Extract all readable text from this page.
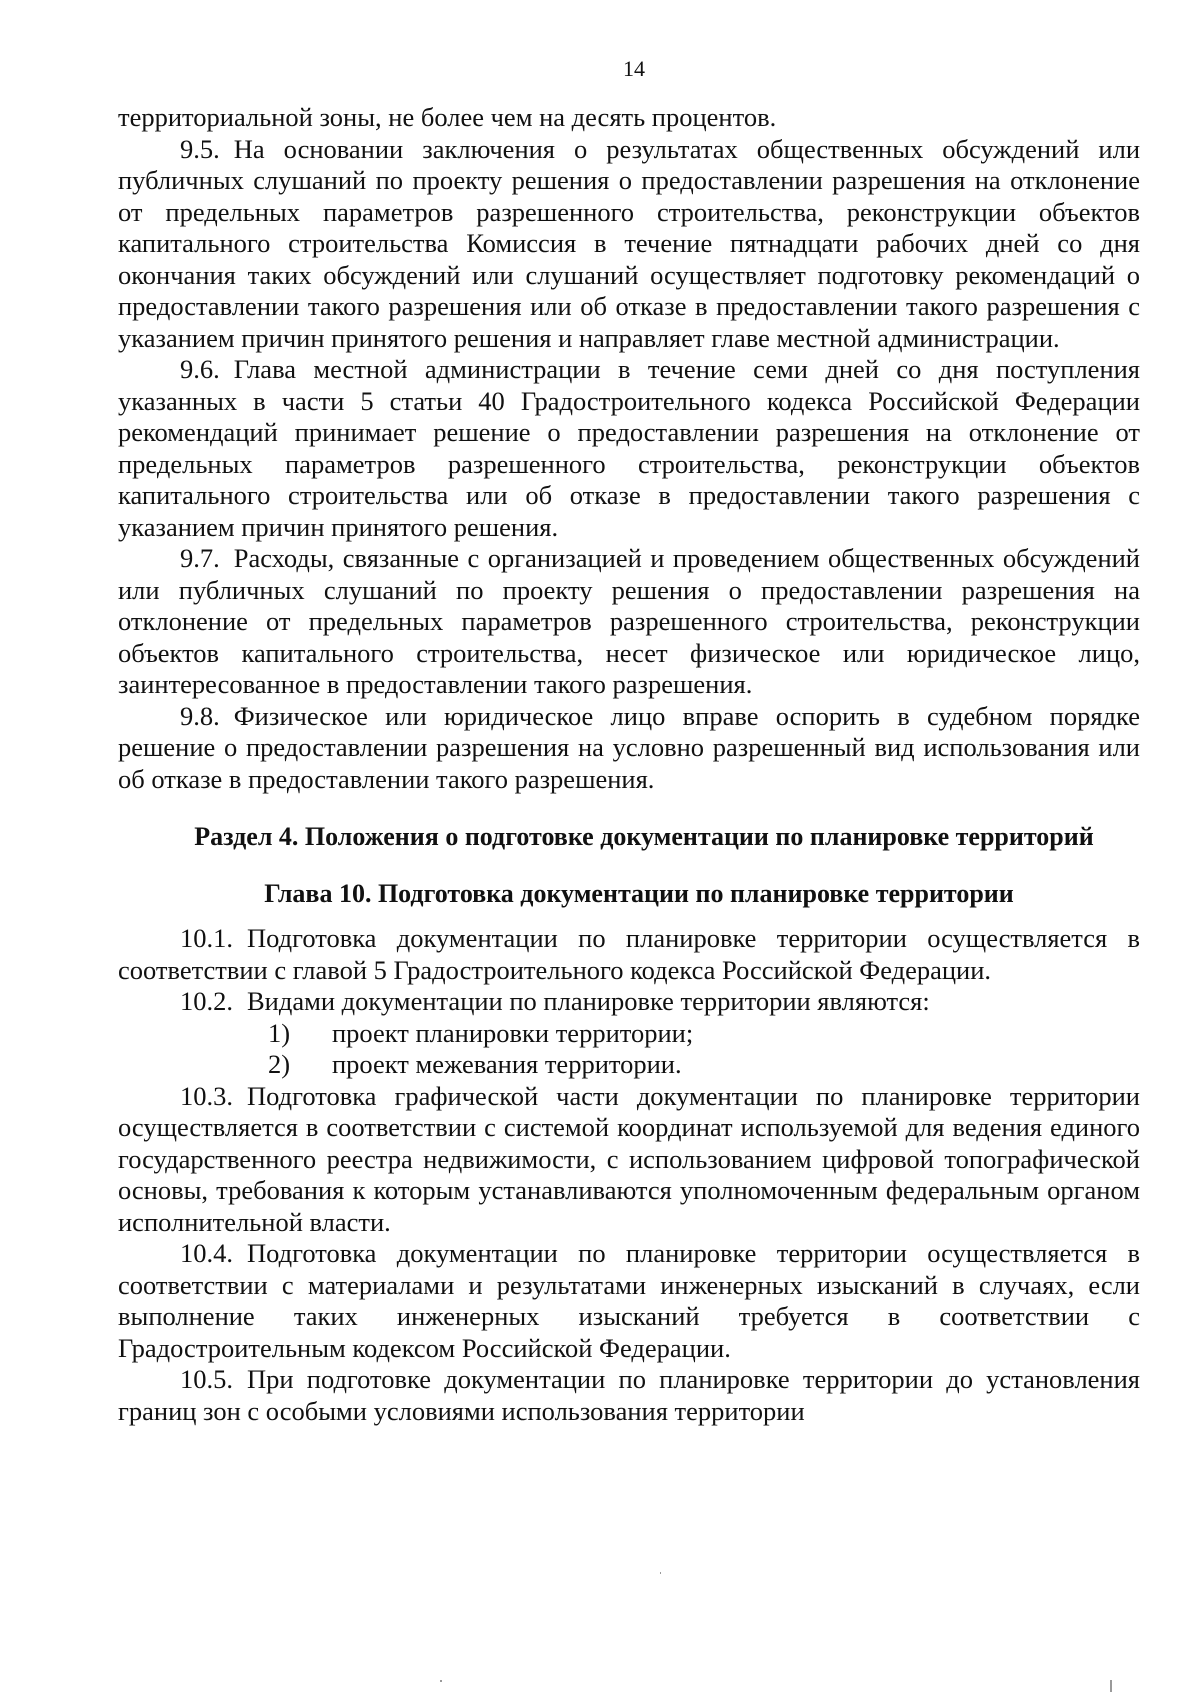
14

территориальной зоны, не более чем на десять процентов.

9.5. На основании заключения о результатах общественных обсуждений или публичных слушаний по проекту решения о предоставлении разрешения на отклонение от предельных параметров разрешенного строительства, реконструкции объектов капитального строительства Комиссия в течение пятнадцати рабочих дней со дня окончания таких обсуждений или слушаний осуществляет подготовку рекомендаций о предоставлении такого разрешения или об отказе в предоставлении такого разрешения с указанием причин принятого решения и направляет главе местной администрации.

9.6. Глава местной администрации в течение семи дней со дня поступления указанных в части 5 статьи 40 Градостроительного кодекса Российской Федерации рекомендаций принимает решение о предоставлении разрешения на отклонение от предельных параметров разрешенного строительства, реконструкции объектов капитального строительства или об отказе в предоставлении такого разрешения с указанием причин принятого решения.

9.7. Расходы, связанные с организацией и проведением общественных обсуждений или публичных слушаний по проекту решения о предоставлении разрешения на отклонение от предельных параметров разрешенного строительства, реконструкции объектов капитального строительства, несет физическое или юридическое лицо, заинтересованное в предоставлении такого разрешения.

9.8. Физическое или юридическое лицо вправе оспорить в судебном порядке решение о предоставлении разрешения на условно разрешенный вид использования или об отказе в предоставлении такого разрешения.

Раздел 4. Положения о подготовке документации по планировке территорий
Глава 10. Подготовка документации по планировке территории

10.1. Подготовка документации по планировке территории осуществляется в соответствии с главой 5 Градостроительного кодекса Российской Федерации.

10.2. Видами документации по планировке территории являются:

1) проект планировки территории;

2) проект межевания территории.

10.3. Подготовка графической части документации по планировке территории осуществляется в соответствии с системой координат используемой для ведения единого государственного реестра недвижимости, с использованием цифровой топографической основы, требования к которым устанавливаются уполномоченным федеральным органом исполнительной власти.

10.4. Подготовка документации по планировке территории осуществляется в соответствии с материалами и результатами инженерных изысканий в случаях, если выполнение таких инженерных изысканий требуется в соответствии с Градостроительным кодексом Российской Федерации.

10.5. При подготовке документации по планировке территории до установления границ зон с особыми условиями использования территории
